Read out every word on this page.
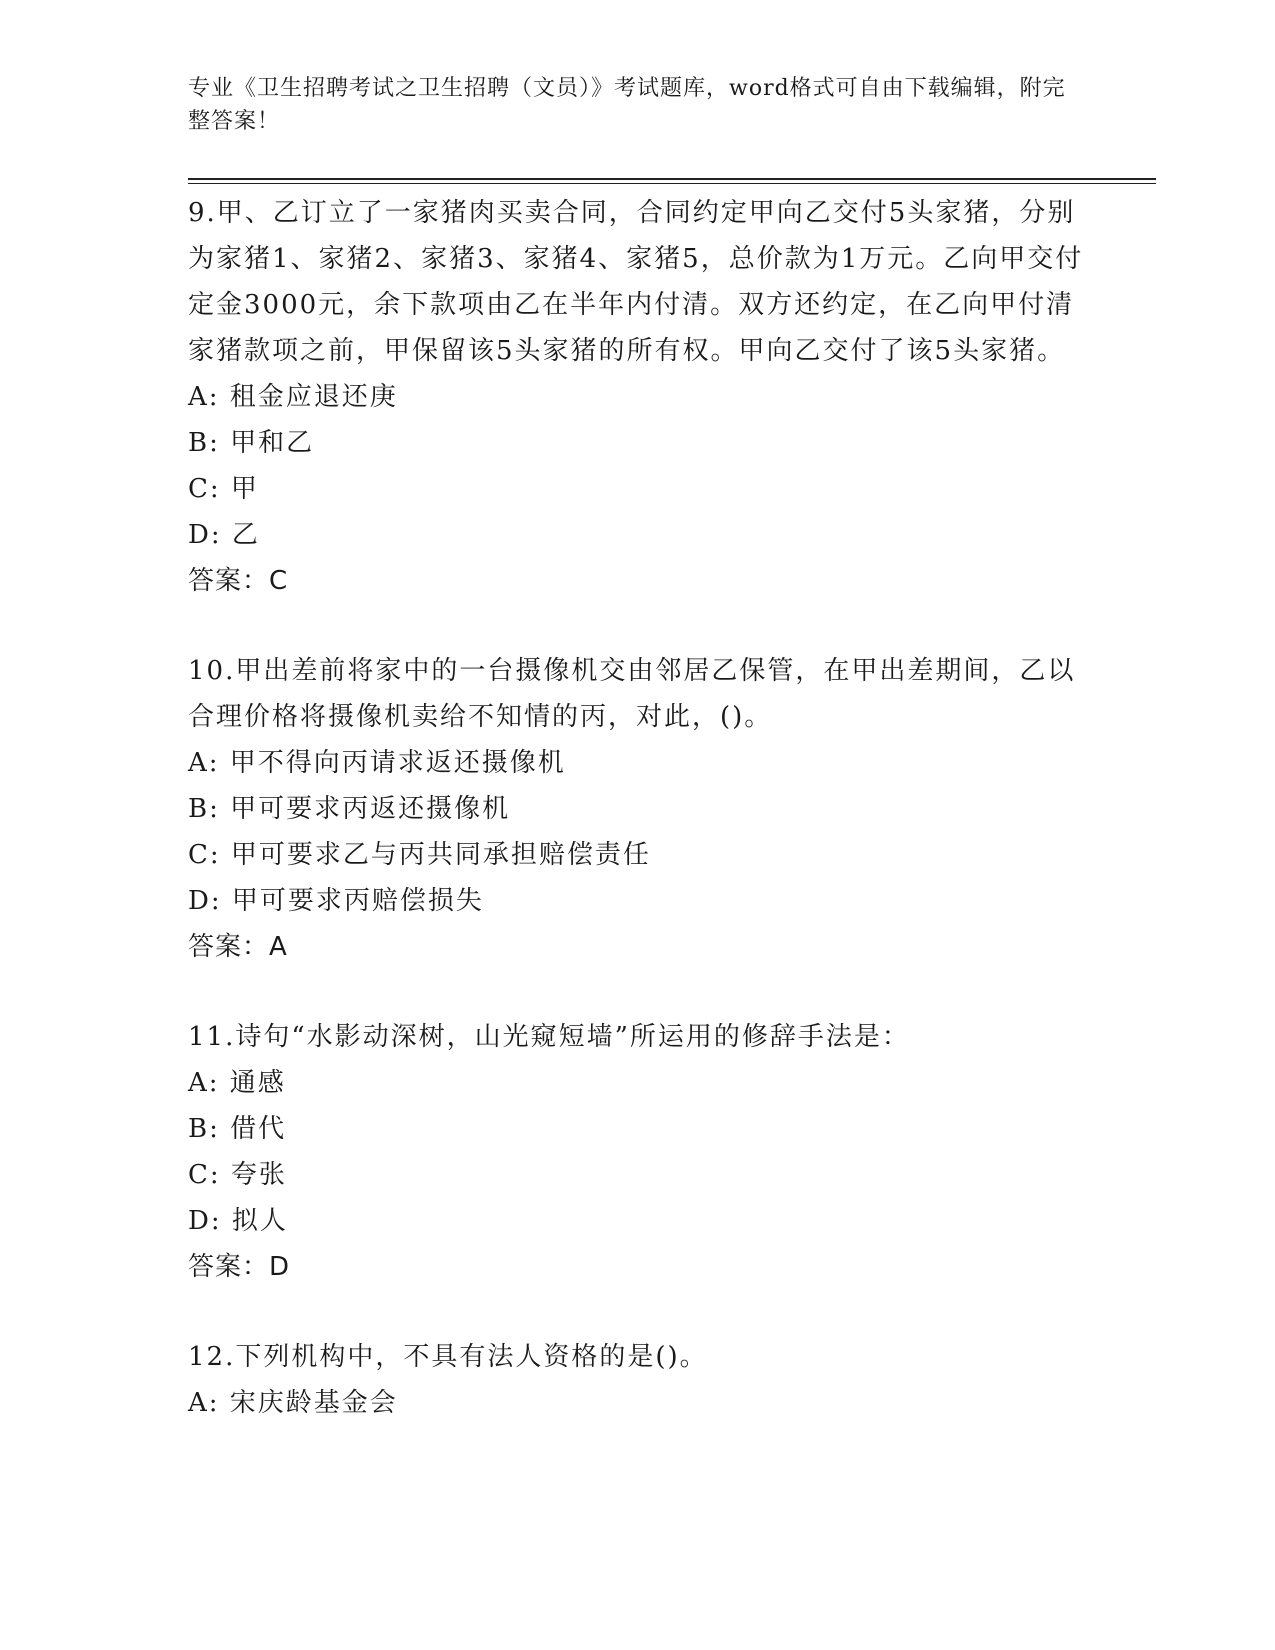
专业《卫生招聘考试之卫生招聘（文员）》考试题库，word格式可自由下载编辑，附完整答案！

9.甲、乙订立了一家猪肉买卖合同，合同约定甲向乙交付5头家猪，分别为家猪1、家猪2、家猪3、家猪4、家猪5，总价款为1万元。乙向甲交付定金3000元，余下款项由乙在半年内付清。双方还约定，在乙向甲付清家猪款项之前，甲保留该5头家猪的所有权。甲向乙交付了该5头家猪。

A: 租金应退还庚

B: 甲和乙

C: 甲

D: 乙

答案：C

10.甲出差前将家中的一台摄像机交由邻居乙保管，在甲出差期间，乙以合理价格将摄像机卖给不知情的丙，对此，()。

A: 甲不得向丙请求返还摄像机

B: 甲可要求丙返还摄像机

C: 甲可要求乙与丙共同承担赔偿责任

D: 甲可要求丙赔偿损失

答案：A

11.诗句“水影动深树，山光窥短墙”所运用的修辞手法是：

A: 通感

B: 借代

C: 夸张

D: 拟人

答案：D

12.下列机构中，不具有法人资格的是()。

A: 宋庆龄基金会
